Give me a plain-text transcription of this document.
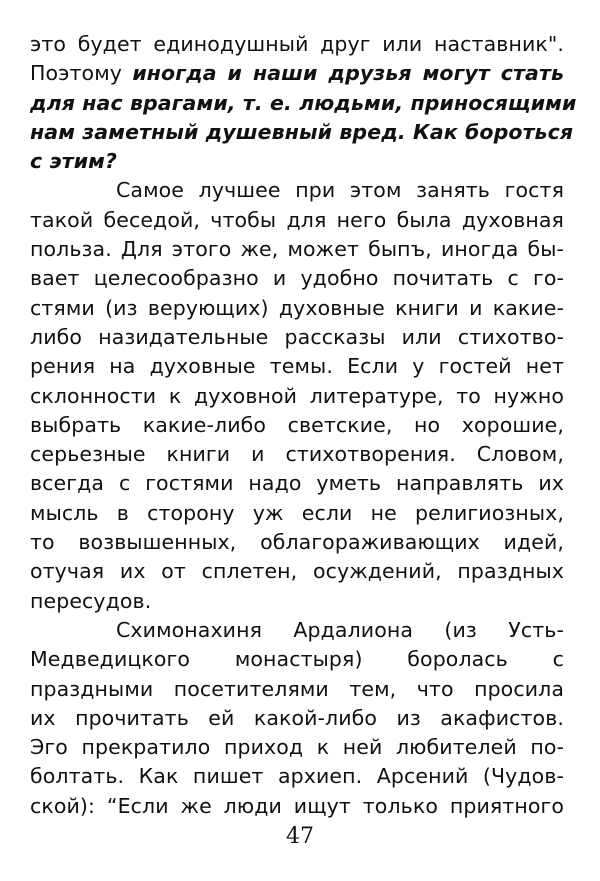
это будет единодушный друг или наставник".
Поэтому иногда и наши друзья могут стать
для нас врагами, т. е. людьми, приносящими
нам заметный душевный вред. Как бороться
с этим?
Самое лучшее при этом занять гостя
такой беседой, чтобы для него была духовная
польза. Для этого же, может быпъ, иногда бы-
вает целесообразно и удобно почитать с го-
стями (из верующих) духовные книги и какие-
либо назидательные рассказы или стихотво-
рения на духовные темы. Если у гостей нет
склонности к духовной литературе, то нужно
выбрать какие-либо светские, но хорошие,
серьезные книги и стихотворения. Словом,
всегда с гостями надо уметь направлять их
мысль в сторону уж если не религиозных,
то возвышенных, облагораживающих идей,
отучая их от сплетен, осуждений, праздных
пересудов.
Схимонахиня Ардалиона (из Усть-
Медведицкого монастыря) боролась с
праздными посетителями тем, что просила
их прочитать ей какой-либо из акафистов.
Эго прекратило приход к ней любителей по-
болтать. Как пишет архиеп. Арсений (Чудов-
ской): “Если же люди ищут только приятного
47
